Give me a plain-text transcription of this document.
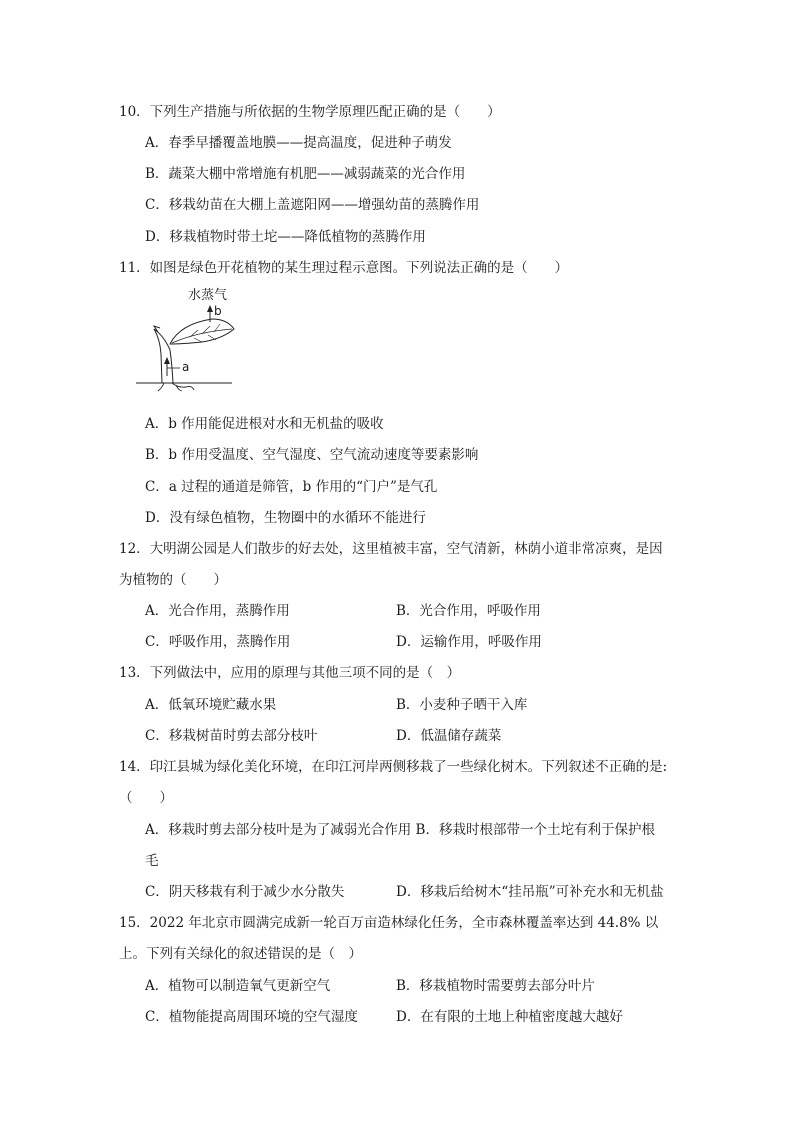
10．下列生产措施与所依据的生物学原理匹配正确的是（　　）
A．春季早播覆盖地膜——提高温度，促进种子萌发
B．蔬菜大棚中常增施有机肥——减弱蔬菜的光合作用
C．移栽幼苗在大棚上盖遮阳网——增强幼苗的蒸腾作用
D．移栽植物时带土坨——降低植物的蒸腾作用
11．如图是绿色开花植物的某生理过程示意图。下列说法正确的是（　　）
水蒸气
b
a
A．b 作用能促进根对水和无机盐的吸收
B．b 作用受温度、空气湿度、空气流动速度等要素影响
C．a 过程的通道是筛管，b 作用的“门户”是气孔
D．没有绿色植物，生物圈中的水循环不能进行
12．大明湖公园是人们散步的好去处，这里植被丰富，空气清新，林荫小道非常凉爽，是因
为植物的（　　）
A．光合作用，蒸腾作用	B．光合作用，呼吸作用
C．呼吸作用，蒸腾作用	D．运输作用，呼吸作用
13．下列做法中，应用的原理与其他三项不同的是（　）
A．低氧环境贮藏水果	B．小麦种子晒干入库
C．移栽树苗时剪去部分枝叶	D．低温储存蔬菜
14．印江县城为绿化美化环境，在印江河岸两侧移栽了一些绿化树木。下列叙述不正确的是:
（　　）
A．移栽时剪去部分枝叶是为了减弱光合作用 B．移栽时根部带一个土坨有利于保护根
毛
C．阴天移栽有利于减少水分散失	D．移栽后给树木“挂吊瓶”可补充水和无机盐
15．2022 年北京市圆满完成新一轮百万亩造林绿化任务，全市森林覆盖率达到 44.8% 以
上。下列有关绿化的叙述错误的是（　）
A．植物可以制造氧气更新空气	B．移栽植物时需要剪去部分叶片
C．植物能提高周围环境的空气湿度	D．在有限的土地上种植密度越大越好
